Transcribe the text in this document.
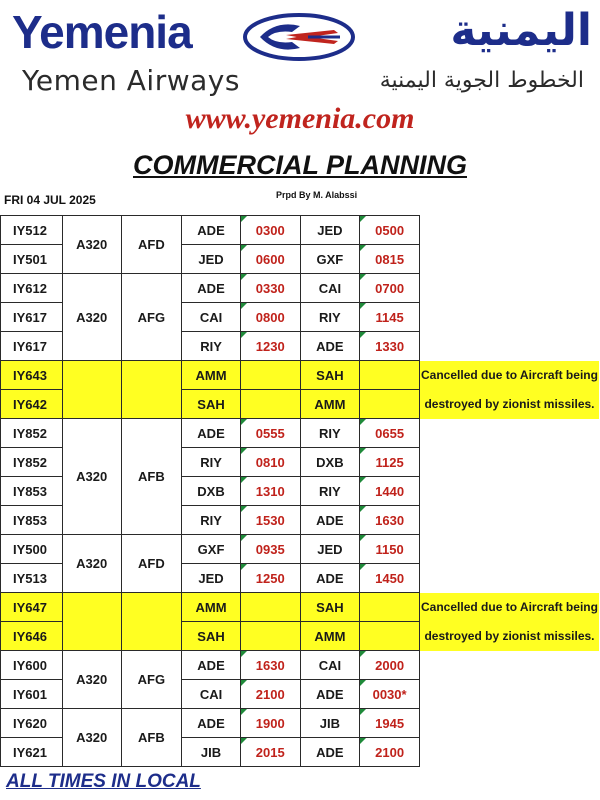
Yemenia
Yemen Airways
اليمنية
الخطوط الجوية اليمنية
www.yemenia.com
COMMERCIAL PLANNING
FRI 04 JUL 2025	Prpd By M. Alabssi
IY512	A320	AFD	ADE	0300	JED	0500	
IY501			JED	0600	GXF	0815	
IY612	A320	AFG	ADE	0330	CAI	0700	
IY617			CAI	0800	RIY	1145	
IY617			RIY	1230	ADE	1330	
IY643			AMM		SAH		Cancelled due to Aircraft being
IY642			SAH		AMM		destroyed by zionist missiles.
IY852	A320	AFB	ADE	0555	RIY	0655	
IY852			RIY	0810	DXB	1125	
IY853			DXB	1310	RIY	1440	
IY853			RIY	1530	ADE	1630	
IY500	A320	AFD	GXF	0935	JED	1150	
IY513			JED	1250	ADE	1450	
IY647			AMM		SAH		Cancelled due to Aircraft being
IY646			SAH		AMM		destroyed by zionist missiles.
IY600	A320	AFG	ADE	1630	CAI	2000	
IY601			CAI	2100	ADE	0030*	
IY620	A320	AFB	ADE	1900	JIB	1945	
IY621			JIB	2015	ADE	2100	
ALL TIMES IN LOCAL
